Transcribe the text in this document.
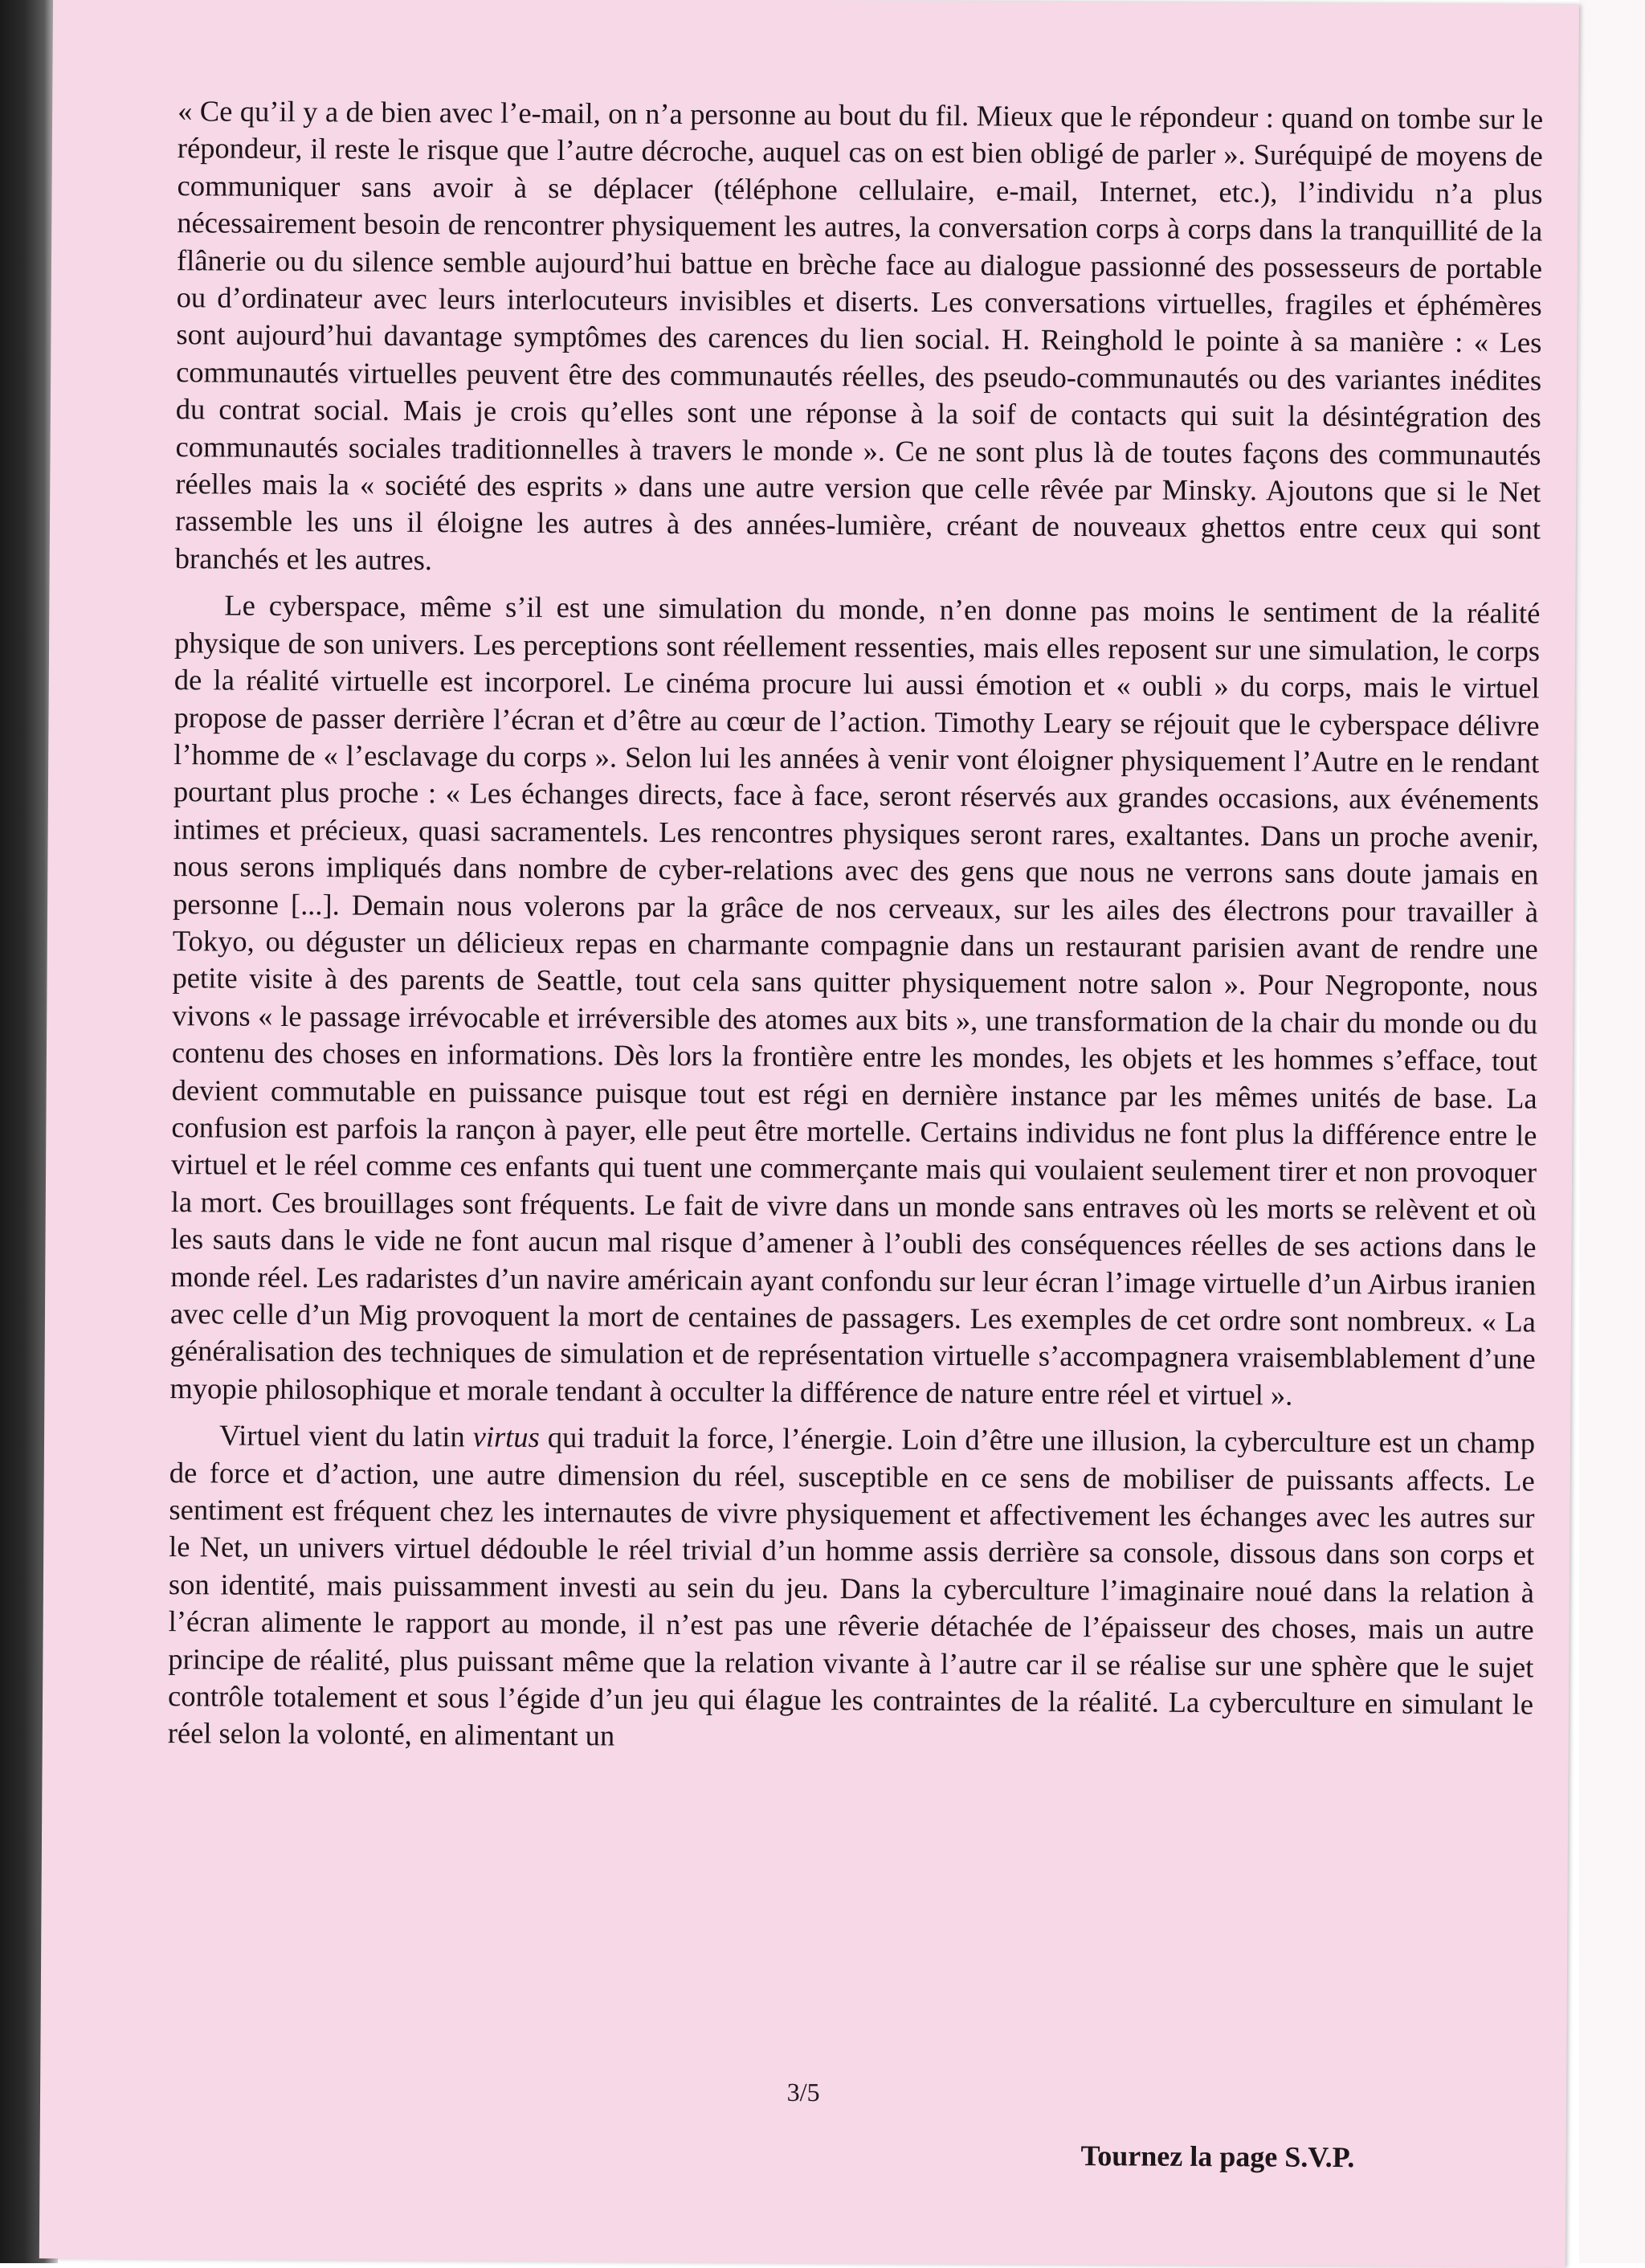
« Ce qu’il y a de bien avec l’e-mail, on n’a personne au bout du fil. Mieux que le répondeur : quand on tombe sur le répondeur, il reste le risque que l’autre décroche, auquel cas on est bien obligé de parler ». Suréquipé de moyens de communiquer sans avoir à se déplacer (téléphone cellulaire, e-mail, Internet, etc.), l’individu n’a plus nécessairement besoin de rencontrer physiquement les autres, la conversation corps à corps dans la tranquillité de la flânerie ou du silence semble aujourd’hui battue en brèche face au dialogue passionné des possesseurs de portable ou d’ordinateur avec leurs interlocuteurs invisibles et diserts. Les conversations virtuelles, fragiles et éphémères sont aujourd’hui davantage symptômes des carences du lien social. H. Reinghold le pointe à sa manière : « Les communautés virtuelles peuvent être des communautés réelles, des pseudo-communautés ou des variantes inédites du contrat social. Mais je crois qu’elles sont une réponse à la soif de contacts qui suit la désintégration des communautés sociales traditionnelles à travers le monde ». Ce ne sont plus là de toutes façons des communautés réelles mais la « société des esprits » dans une autre version que celle rêvée par Minsky. Ajoutons que si le Net rassemble les uns il éloigne les autres à des années-lumière, créant de nouveaux ghettos entre ceux qui sont branchés et les autres.

Le cyberspace, même s’il est une simulation du monde, n’en donne pas moins le sentiment de la réalité physique de son univers. Les perceptions sont réellement ressenties, mais elles reposent sur une simulation, le corps de la réalité virtuelle est incorporel. Le cinéma procure lui aussi émotion et « oubli » du corps, mais le virtuel propose de passer derrière l’écran et d’être au cœur de l’action. Timothy Leary se réjouit que le cyberspace délivre l’homme de « l’esclavage du corps ». Selon lui les années à venir vont éloigner physiquement l’Autre en le rendant pourtant plus proche : « Les échanges directs, face à face, seront réservés aux grandes occasions, aux événements intimes et précieux, quasi sacramentels. Les rencontres physiques seront rares, exaltantes. Dans un proche avenir, nous serons impliqués dans nombre de cyber-relations avec des gens que nous ne verrons sans doute jamais en personne [...]. Demain nous volerons par la grâce de nos cerveaux, sur les ailes des électrons pour travailler à Tokyo, ou déguster un délicieux repas en charmante compagnie dans un restaurant parisien avant de rendre une petite visite à des parents de Seattle, tout cela sans quitter physiquement notre salon ». Pour Negroponte, nous vivons « le passage irrévocable et irréversible des atomes aux bits », une transformation de la chair du monde ou du contenu des choses en informations. Dès lors la frontière entre les mondes, les objets et les hommes s’efface, tout devient commutable en puissance puisque tout est régi en dernière instance par les mêmes unités de base. La confusion est parfois la rançon à payer, elle peut être mortelle. Certains individus ne font plus la différence entre le virtuel et le réel comme ces enfants qui tuent une commerçante mais qui voulaient seulement tirer et non provoquer la mort. Ces brouillages sont fréquents. Le fait de vivre dans un monde sans entraves où les morts se relèvent et où les sauts dans le vide ne font aucun mal risque d’amener à l’oubli des conséquences réelles de ses actions dans le monde réel. Les radaristes d’un navire américain ayant confondu sur leur écran l’image virtuelle d’un Airbus iranien avec celle d’un Mig provoquent la mort de centaines de passagers. Les exemples de cet ordre sont nombreux. « La généralisation des techniques de simulation et de représentation virtuelle s’accompagnera vraisemblablement d’une myopie philosophique et morale tendant à occulter la différence de nature entre réel et virtuel ».

Virtuel vient du latin virtus qui traduit la force, l’énergie. Loin d’être une illusion, la cyberculture est un champ de force et d’action, une autre dimension du réel, susceptible en ce sens de mobiliser de puissants affects. Le sentiment est fréquent chez les internautes de vivre physiquement et affectivement les échanges avec les autres sur le Net, un univers virtuel dédouble le réel trivial d’un homme assis derrière sa console, dissous dans son corps et son identité, mais puissamment investi au sein du jeu. Dans la cyberculture l’imaginaire noué dans la relation à l’écran alimente le rapport au monde, il n’est pas une rêverie détachée de l’épaisseur des choses, mais un autre principe de réalité, plus puissant même que la relation vivante à l’autre car il se réalise sur une sphère que le sujet contrôle totalement et sous l’égide d’un jeu qui élague les contraintes de la réalité. La cyberculture en simulant le réel selon la volonté, en alimentant un

3/5
Tournez la page S.V.P.
